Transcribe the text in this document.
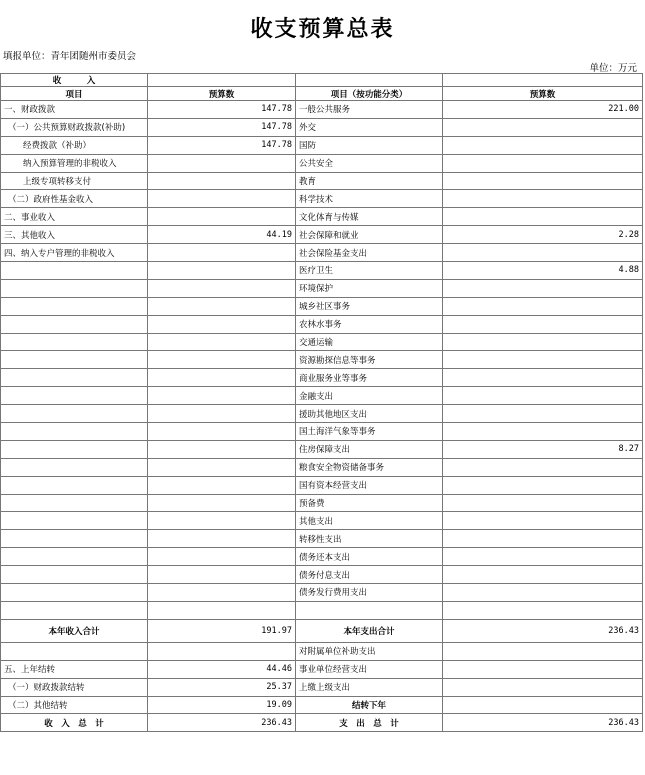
收支预算总表
填报单位：青年团随州市委员会
单位：万元
收　　　入			
项目	预算数	项目（按功能分类）	预算数
一、财政拨款	147.78	一般公共服务	221.00
（一）公共预算财政拨款(补助)	147.78	外交	
经费拨款（补助）	147.78	国防	
纳入预算管理的非税收入		公共安全	
上级专项转移支付		教育	
（二）政府性基金收入		科学技术	
二、事业收入		文化体育与传媒	
三、其他收入	44.19	社会保障和就业	2.28
四、纳入专户管理的非税收入		社会保险基金支出	
		医疗卫生	4.88
		环境保护	
		城乡社区事务	
		农林水事务	
		交通运输	
		资源勘探信息等事务	
		商业服务业等事务	
		金融支出	
		援助其他地区支出	
		国土海洋气象等事务	
		住房保障支出	8.27
		粮食安全物资储备事务	
		国有资本经营支出	
		预备费	
		其他支出	
		转移性支出	
		债务还本支出	
		债务付息支出	
		债务发行费用支出	

本年收入合计	191.97	本年支出合计	236.43
		对附属单位补助支出	
五、上年结转	44.46	事业单位经营支出	
（一）财政拨款结转	25.37	上缴上级支出	
（二）其他结转	19.09	结转下年	
收　入　总　计	236.43	支　出　总　计	236.43
